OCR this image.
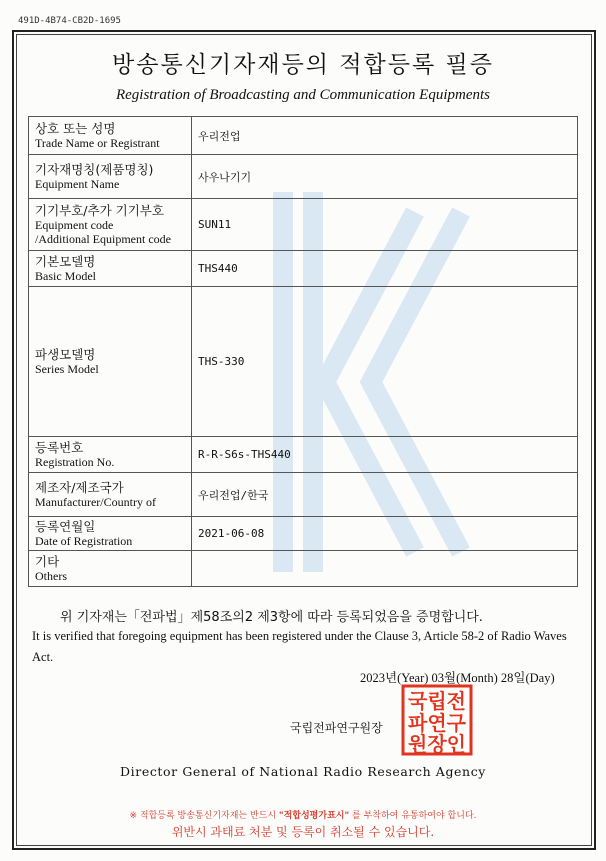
491D-4B74-CB2D-1695
방송통신기자재등의 적합등록 필증
Registration of Broadcasting and Communication Equipments
상호 또는 성명
Trade Name or Registrant	우리전업

기자재명칭(제품명칭)
Equipment Name	사우나기기

기기부호/추가 기기부호
Equipment code
/Additional Equipment code	SUN11

기본모델명
Basic Model	THS440

파생모델명
Series Model	THS-330

등록번호
Registration No.	R-R-S6s-THS440

제조자/제조국가
Manufacturer/Country of	우리전업/한국

등록연월일
Date of Registration	2021-06-08

기타
Others	

위 기자재는「전파법」제58조의2 제3항에 따라 등록되었음을 증명합니다.
It is verified that foregoing equipment has been registered under the Clause 3, Article 58-2 of Radio Waves Act.
2023년(Year) 03월(Month) 28일(Day)
국립전파연구원장
국립전
파연구
원장인
Director General of National Radio Research Agency
※ 적합등록 방송통신기자재는 반드시 "적합성평가표시" 를 부착하여 유통하여야 합니다.
위반시 과태료 처분 및 등록이 취소될 수 있습니다.
